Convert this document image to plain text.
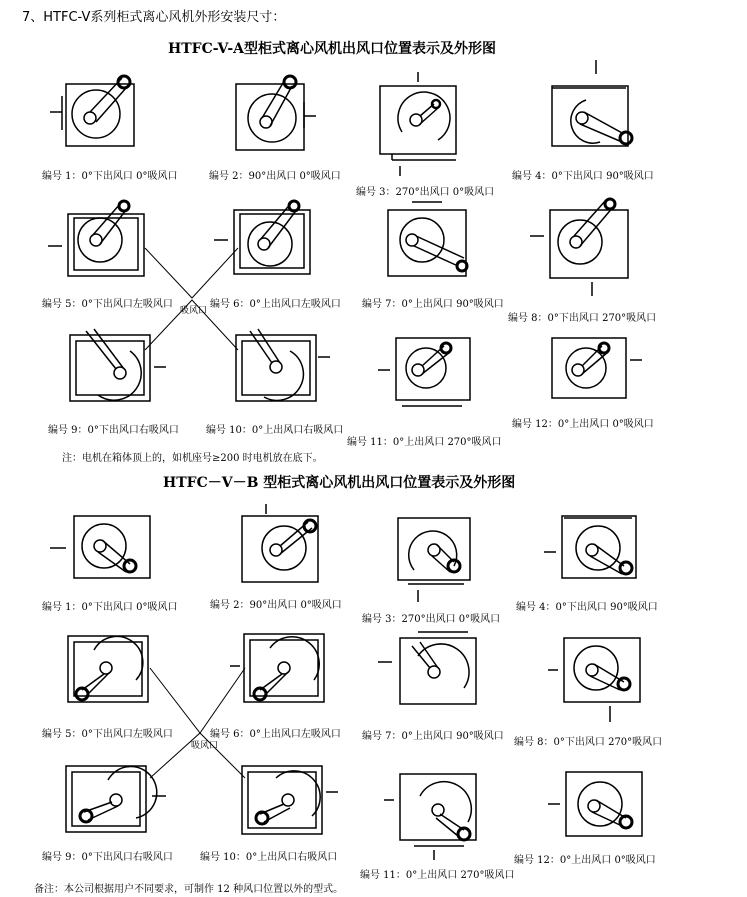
7、HTFC-V系列柜式离心风机外形安装尺寸：
HTFC-V-A型柜式离心风机出风口位置表示及外形图
HTFC－V－B 型柜式离心风机出风口位置表示及外形图
编号 1：0°下出风口 0°吸风口	编号 2：90°出风口 0°吸风口
编号 3：270°出风口 0°吸风口
编号 4：0°下出风口 90°吸风口
编号 5：0°下出风口左吸风口	编号 6：0°上出风口左吸风口 编号 7：0°上出风口 90°吸风口
编号 8：0°下出风口 270°吸风口
编号 9：0°下出风口右吸风口	编号 10：0°上出风口右吸风口
编号 11：0°上出风口 270°吸风口
编号 12：0°上出风口 0°吸风口
吸风口
注：电机在箱体顶上的，如机座号≥200 时电机放在底下。
编号 1：0°下出风口 0°吸风口	编号 2：90°出风口 0°吸风口
编号 3：270°出风口 0°吸风口
编号 4：0°下出风口 90°吸风口
编号 5：0°下出风口左吸风口	编号 6：0°上出风口左吸风口 编号 7：0°上出风口 90°吸风口
编号 8：0°下出风口 270°吸风口
编号 9：0°下出风口右吸风口	编号 10：0°上出风口右吸风口
编号 11：0°上出风口 270°吸风口
编号 12：0°上出风口 0°吸风口
吸风口
备注：本公司根据用户不同要求，可制作 12 种风口位置以外的型式。
